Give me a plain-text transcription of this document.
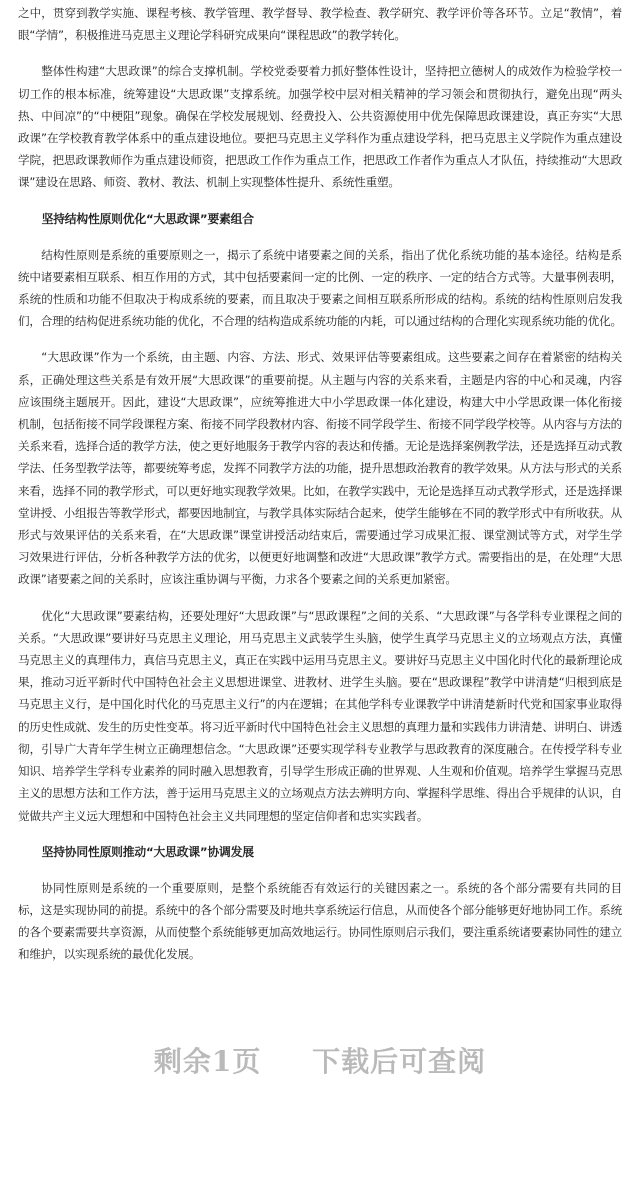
之中，贯穿到教学实施、课程考核、教学管理、教学督导、教学检查、教学研究、教学评价等各环节。立足“教情”，着眼“学情”，积极推进马克思主义理论学科研究成果向“课程思政”的教学转化。

整体性构建“大思政课”的综合支撑机制。学校党委要着力抓好整体性设计，坚持把立德树人的成效作为检验学校一切工作的根本标准，统筹建设“大思政课”支撑系统。加强学校中层对相关精神的学习领会和贯彻执行，避免出现“两头热、中间凉”的“中梗阻”现象。确保在学校发展规划、经费投入、公共资源使用中优先保障思政课建设，真正夯实“大思政课”在学校教育教学体系中的重点建设地位。要把马克思主义学科作为重点建设学科，把马克思主义学院作为重点建设学院，把思政课教师作为重点建设师资，把思政工作作为重点工作，把思政工作者作为重点人才队伍，持续推动“大思政课”建设在思路、师资、教材、教法、机制上实现整体性提升、系统性重塑。

坚持结构性原则优化“大思政课”要素组合

结构性原则是系统的重要原则之一，揭示了系统中诸要素之间的关系，指出了优化系统功能的基本途径。结构是系统中诸要素相互联系、相互作用的方式，其中包括要素间一定的比例、一定的秩序、一定的结合方式等。大量事例表明，系统的性质和功能不但取决于构成系统的要素，而且取决于要素之间相互联系所形成的结构。系统的结构性原则启发我们，合理的结构促进系统功能的优化，不合理的结构造成系统功能的内耗，可以通过结构的合理化实现系统功能的优化。

“大思政课”作为一个系统，由主题、内容、方法、形式、效果评估等要素组成。这些要素之间存在着紧密的结构关系，正确处理这些关系是有效开展“大思政课”的重要前提。从主题与内容的关系来看，主题是内容的中心和灵魂，内容应该围绕主题展开。因此，建设“大思政课”，应统筹推进大中小学思政课一体化建设，构建大中小学思政课一体化衔接机制，包括衔接不同学段课程方案、衔接不同学段教材内容、衔接不同学段学生、衔接不同学段学校等。从内容与方法的关系来看，选择合适的教学方法，使之更好地服务于教学内容的表达和传播。无论是选择案例教学法，还是选择互动式教学法、任务型教学法等，都要统筹考虑，发挥不同教学方法的功能，提升思想政治教育的教学效果。从方法与形式的关系来看，选择不同的教学形式，可以更好地实现教学效果。比如，在教学实践中，无论是选择互动式教学形式，还是选择课堂讲授、小组报告等教学形式，都要因地制宜，与教学具体实际结合起来，使学生能够在不同的教学形式中有所收获。从形式与效果评估的关系来看，在“大思政课”课堂讲授活动结束后，需要通过学习成果汇报、课堂测试等方式，对学生学习效果进行评估，分析各种教学方法的优劣，以便更好地调整和改进“大思政课”教学方式。需要指出的是，在处理“大思政课”诸要素之间的关系时，应该注重协调与平衡，力求各个要素之间的关系更加紧密。

优化“大思政课”要素结构，还要处理好“大思政课”与“思政课程”之间的关系、“大思政课”与各学科专业课程之间的关系。“大思政课”要讲好马克思主义理论，用马克思主义武装学生头脑，使学生真学马克思主义的立场观点方法，真懂马克思主义的真理伟力，真信马克思主义，真正在实践中运用马克思主义。要讲好马克思主义中国化时代化的最新理论成果，推动习近平新时代中国特色社会主义思想进课堂、进教材、进学生头脑。要在“思政课程”教学中讲清楚“归根到底是马克思主义行，是中国化时代化的马克思主义行”的内在逻辑；在其他学科专业课教学中讲清楚新时代党和国家事业取得的历史性成就、发生的历史性变革。将习近平新时代中国特色社会主义思想的真理力量和实践伟力讲清楚、讲明白、讲透彻，引导广大青年学生树立正确理想信念。“大思政课”还要实现学科专业教学与思政教育的深度融合。在传授学科专业知识、培养学生学科专业素养的同时融入思想教育，引导学生形成正确的世界观、人生观和价值观。培养学生掌握马克思主义的思想方法和工作方法，善于运用马克思主义的立场观点方法去辨明方向、掌握科学思维、得出合乎规律的认识，自觉做共产主义远大理想和中国特色社会主义共同理想的坚定信仰者和忠实实践者。

坚持协同性原则推动“大思政课”协调发展

协同性原则是系统的一个重要原则，是整个系统能否有效运行的关键因素之一。系统的各个部分需要有共同的目标，这是实现协同的前提。系统中的各个部分需要及时地共享系统运行信息，从而使各个部分能够更好地协同工作。系统的各个要素需要共享资源，从而使整个系统能够更加高效地运行。协同性原则启示我们，要注重系统诸要素协同性的建立和维护，以实现系统的最优化发展。

剩余1页 下载后可查阅
